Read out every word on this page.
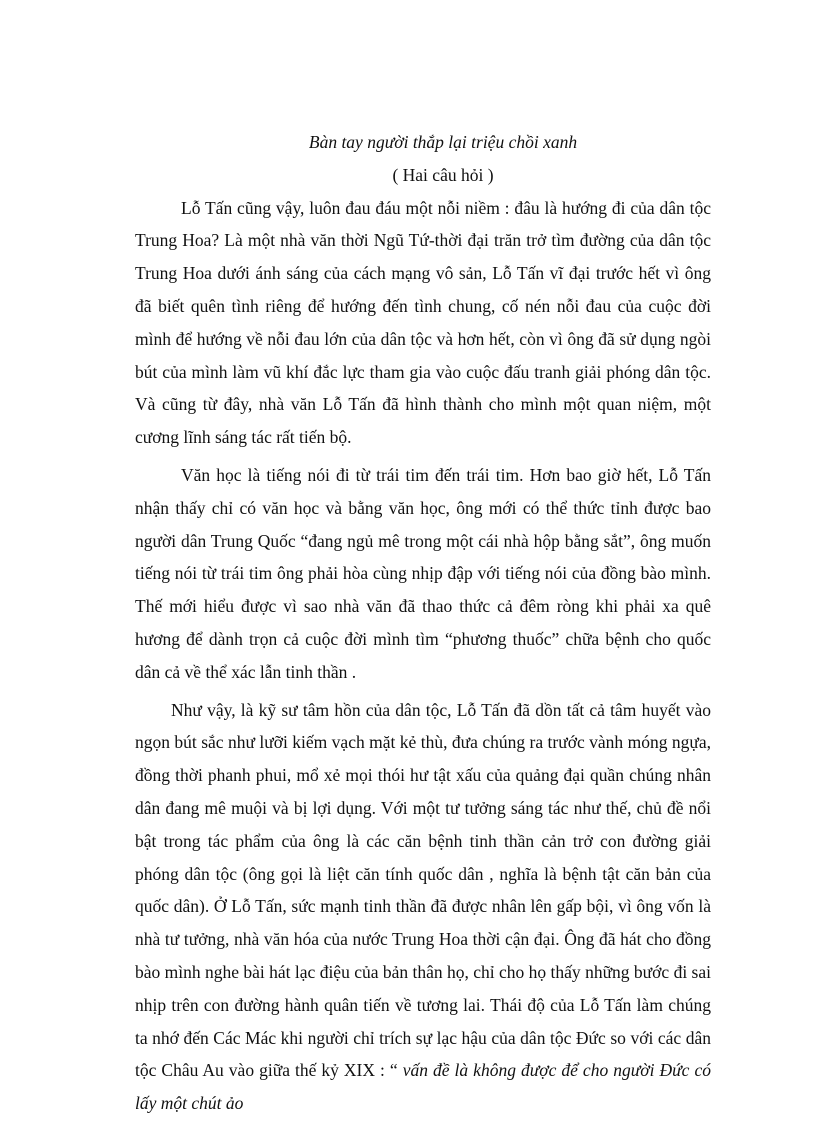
Bàn tay người thắp lại triệu chồi xanh

( Hai câu hỏi )

Lỗ Tấn cũng vậy, luôn đau đáu một nỗi niềm : đâu là hướng đi của dân tộc Trung Hoa? Là một nhà văn thời Ngũ Tứ-thời đại trăn trở tìm đường của dân tộc Trung Hoa dưới ánh sáng của cách mạng vô sản, Lỗ Tấn vĩ đại trước hết vì ông đã biết quên tình riêng để hướng đến tình chung, cố nén nỗi đau của cuộc đời mình để hướng về nỗi đau lớn của dân tộc và hơn hết, còn vì ông đã sử dụng ngòi bút của mình làm vũ khí đắc lực tham gia vào cuộc đấu tranh giải phóng dân tộc. Và cũng từ đây, nhà văn Lỗ Tấn đã hình thành cho mình một quan niệm, một cương lĩnh sáng tác rất tiến bộ.

Văn học là tiếng nói đi từ trái tim đến trái tim. Hơn bao giờ hết, Lỗ Tấn nhận thấy chỉ có văn học và bằng văn học, ông mới có thể thức tỉnh được bao người dân Trung Quốc “đang ngủ mê trong một cái nhà hộp bằng sắt”, ông muốn tiếng nói từ trái tim ông phải hòa cùng nhịp đập với tiếng nói của đồng bào mình. Thế mới hiểu được vì sao nhà văn đã thao thức cả đêm ròng khi phải xa quê hương để dành trọn cả cuộc đời mình tìm “phương thuốc” chữa bệnh cho quốc dân cả về thể xác lẫn tinh thần .

Như vậy, là kỹ sư tâm hồn của dân tộc, Lỗ Tấn đã dồn tất cả tâm huyết vào ngọn bút sắc như lưỡi kiếm vạch mặt kẻ thù, đưa chúng ra trước vành móng ngựa, đồng thời phanh phui, mổ xẻ mọi thói hư tật xấu của quảng đại quần chúng nhân dân đang mê muội và bị lợi dụng. Với một tư tưởng sáng tác như thế, chủ đề nổi bật trong tác phẩm của ông là các căn bệnh tinh thần cản trở con đường giải phóng dân tộc (ông gọi là liệt căn tính quốc dân , nghĩa là bệnh tật căn bản của quốc dân). Ở Lỗ Tấn, sức mạnh tinh thần đã được nhân lên gấp bội, vì ông vốn là nhà tư tưởng, nhà văn hóa của nước Trung Hoa thời cận đại. Ông đã hát cho đồng bào mình nghe bài hát lạc điệu của bản thân họ, chỉ cho họ thấy những bước đi sai nhịp trên con đường hành quân tiến về tương lai. Thái độ của Lỗ Tấn làm chúng ta nhớ đến Các Mác khi người chỉ trích sự lạc hậu của dân tộc Đức so với các dân tộc Châu Au vào giữa thế kỷ XIX : “ vấn đề là không được để cho người Đức có lấy một chút ảo
